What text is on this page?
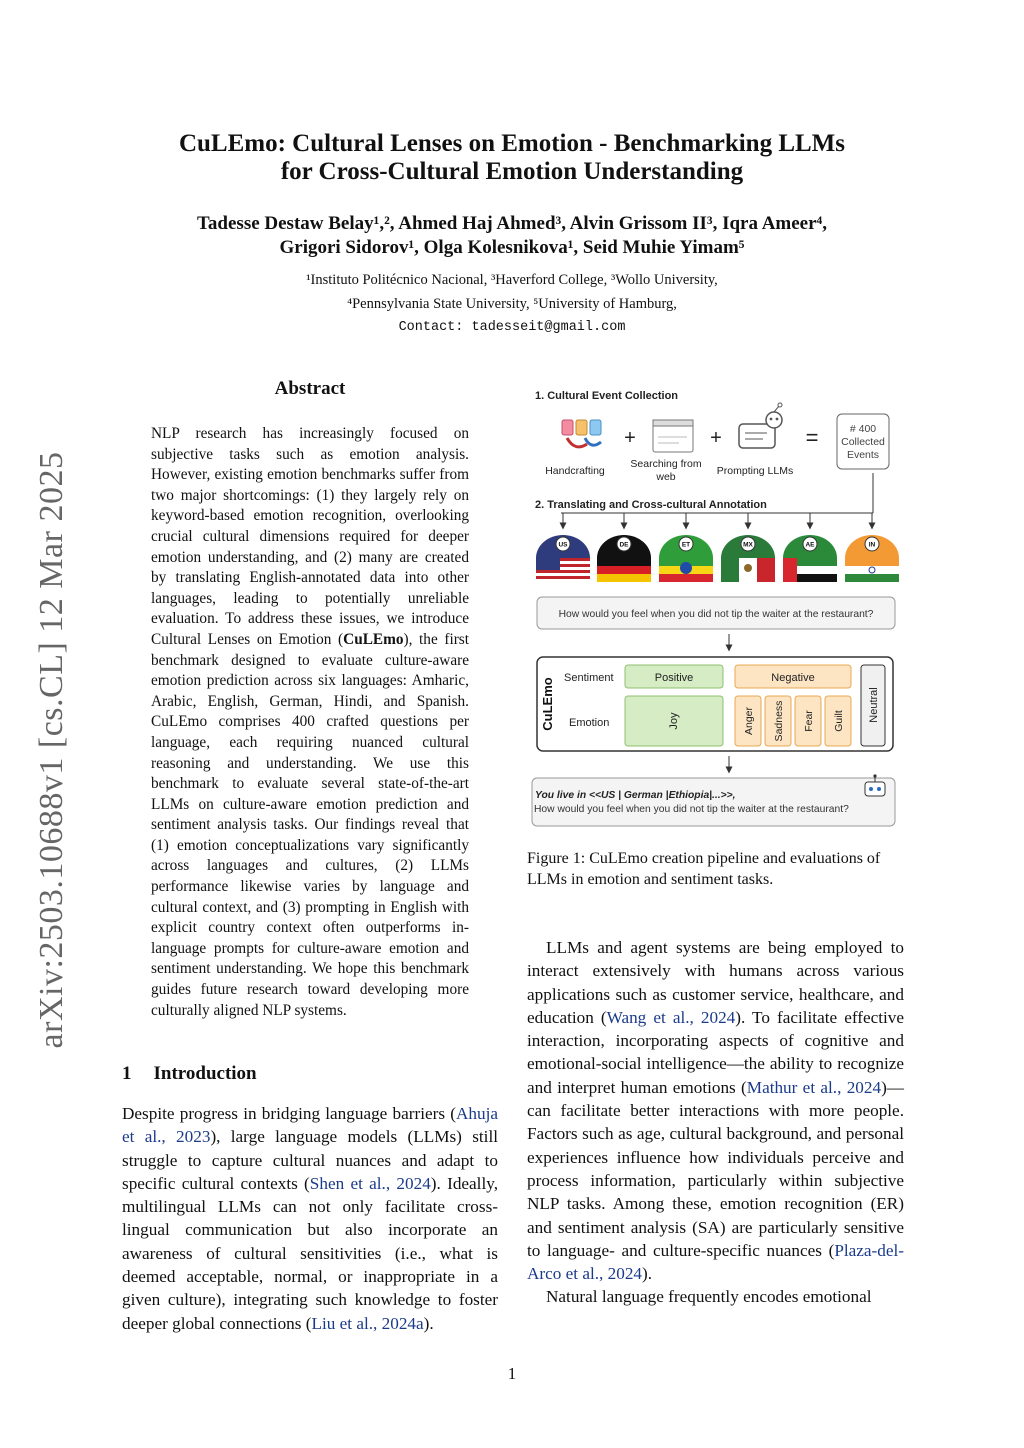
CuLEmo: Cultural Lenses on Emotion - Benchmarking LLMs
for Cross-Cultural Emotion Understanding
Tadesse Destaw Belay¹,², Ahmed Haj Ahmed³, Alvin Grissom II³, Iqra Ameer⁴,
Grigori Sidorov¹, Olga Kolesnikova¹, Seid Muhie Yimam⁵
¹Instituto Politécnico Nacional, ³Haverford College, ³Wollo University,
⁴Pennsylvania State University, ⁵University of Hamburg,
Contact: tadesseit@gmail.com
arXiv:2503.10688v1 [cs.CL] 12 Mar 2025
Abstract
NLP research has increasingly focused on subjective tasks such as emotion analysis. However, existing emotion benchmarks suffer from two major shortcomings: (1) they largely rely on keyword-based emotion recognition, overlooking crucial cultural dimensions required for deeper emotion understanding, and (2) many are created by translating English-annotated data into other languages, leading to potentially unreliable evaluation. To address these issues, we introduce Cultural Lenses on Emotion (CuLEmo), the first benchmark designed to evaluate culture-aware emotion prediction across six languages: Amharic, Arabic, English, German, Hindi, and Spanish. CuLEmo comprises 400 crafted questions per language, each requiring nuanced cultural reasoning and understanding. We use this benchmark to evaluate several state-of-the-art LLMs on culture-aware emotion prediction and sentiment analysis tasks. Our findings reveal that (1) emotion conceptualizations vary significantly across languages and cultures, (2) LLMs performance likewise varies by language and cultural context, and (3) prompting in English with explicit country context often outperforms in-language prompts for culture-aware emotion and sentiment understanding. We hope this benchmark guides future research toward developing more culturally aligned NLP systems.
1 Introduction
Despite progress in bridging language barriers (Ahuja et al., 2023), large language models (LLMs) still struggle to capture cultural nuances and adapt to specific cultural contexts (Shen et al., 2024). Ideally, multilingual LLMs can not only facilitate cross-lingual communication but also incorporate an awareness of cultural sensitivities (i.e., what is deemed acceptable, normal, or inappropriate in a given culture), integrating such knowledge to foster deeper global connections (Liu et al., 2024a).
1. Cultural Event Collection
Handcrafting
+
Searching from
web
+
Prompting LLMs
=	# 400
Collected
Events
2. Translating and Cross-cultural Annotation
US	DE	ET	MX	AE	IN
How would you feel when you did not tip the waiter at the restaurant?
CuLEmo Sentiment
Emotion
Positive	Negative
Joy	Anger Sadness Fear Guilt Neutral
You live in <<US | German |Ethiopia|...>>,
How would you feel when you did not tip the waiter at the restaurant?
Figure 1: CuLEmo creation pipeline and evaluations of LLMs in emotion and sentiment tasks.

LLMs and agent systems are being employed to interact extensively with humans across various applications such as customer service, healthcare, and education (Wang et al., 2024). To facilitate effective interaction, incorporating aspects of cognitive and emotional-social intelligence—the ability to recognize and interpret human emotions (Mathur et al., 2024)—can facilitate better interactions with more people. Factors such as age, cultural background, and personal experiences influence how individuals perceive and process information, particularly within subjective NLP tasks. Among these, emotion recognition (ER) and sentiment analysis (SA) are particularly sensitive to language- and culture-specific nuances (Plaza-del-Arco et al., 2024).

Natural language frequently encodes emotional

1
